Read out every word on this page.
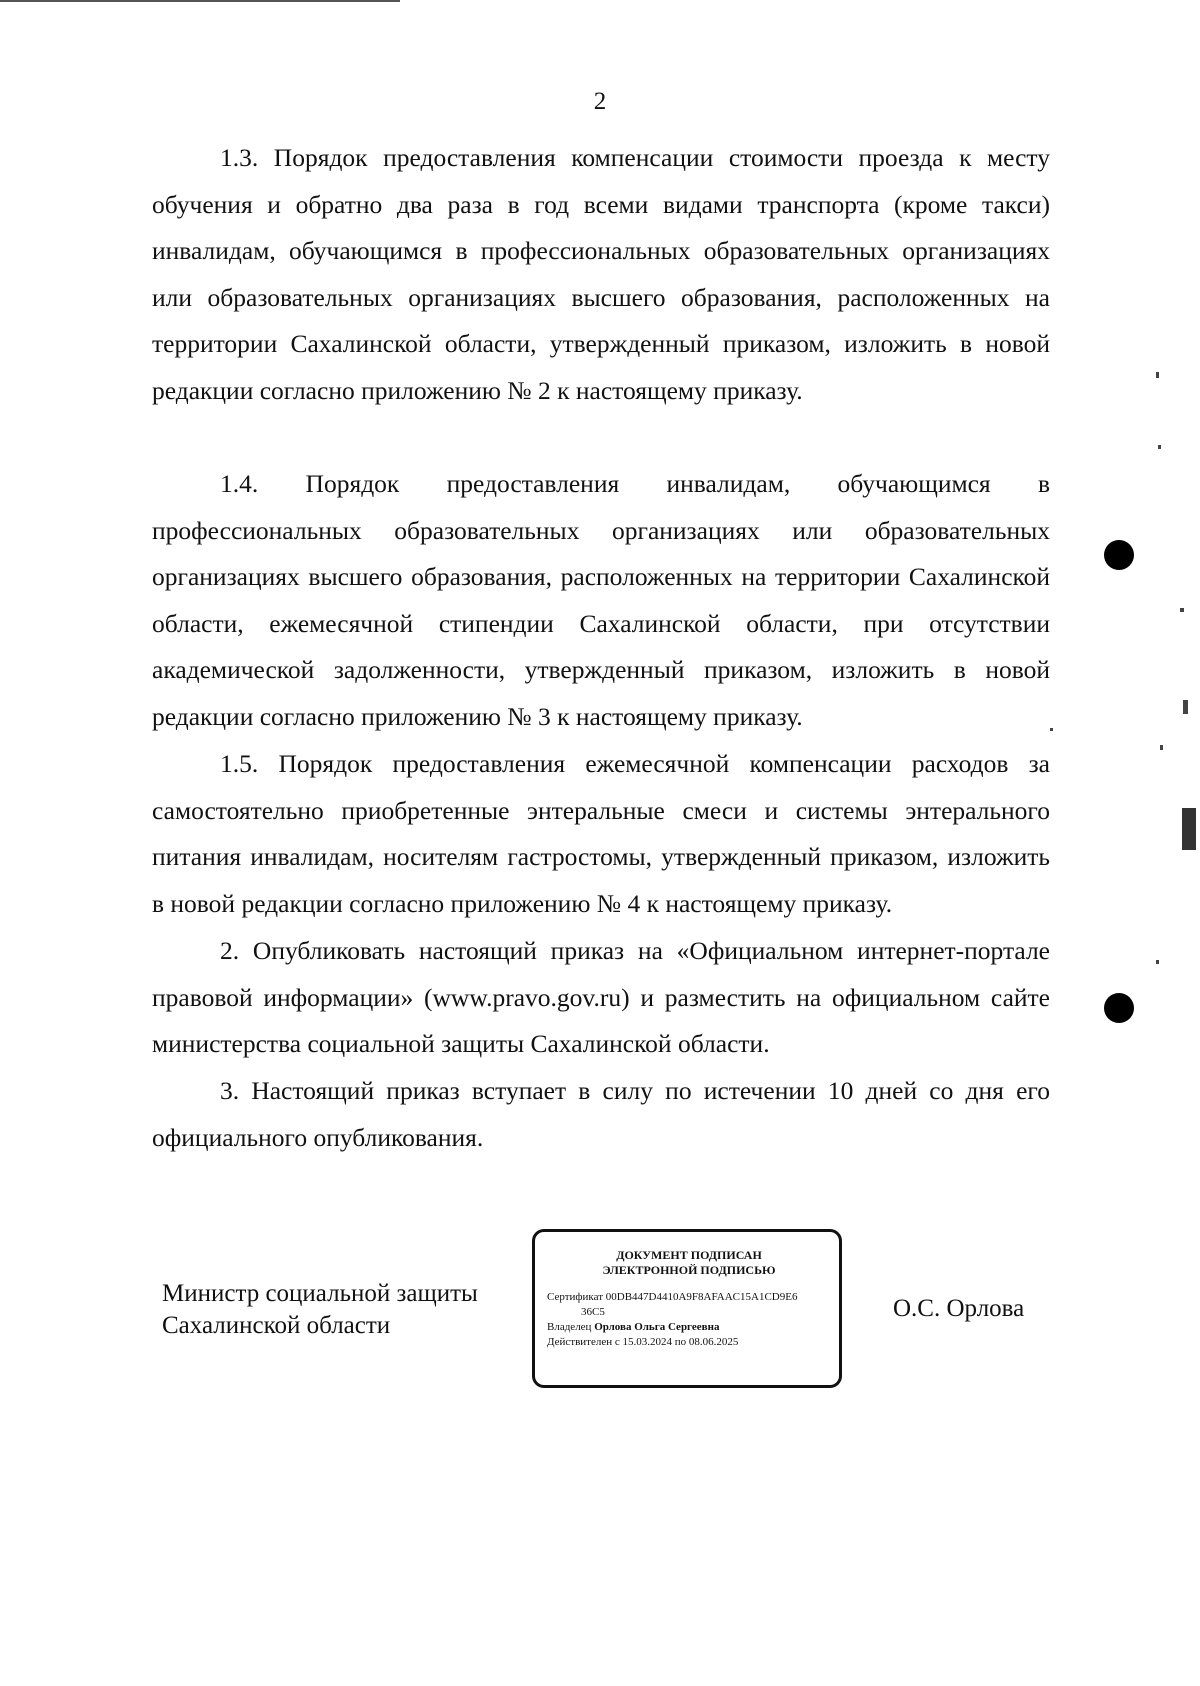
2

1.3. Порядок предоставления компенсации стоимости проезда к месту обучения и обратно два раза в год всеми видами транспорта (кроме такси) инвалидам, обучающимся в профессиональных образовательных организациях или образовательных организациях высшего образования, расположенных на территории Сахалинской области, утвержденный приказом, изложить в новой редакции согласно приложению № 2 к настоящему приказу.

1.4. Порядок предоставления инвалидам, обучающимся в профессиональных образовательных организациях или образовательных организациях высшего образования, расположенных на территории Сахалинской области, ежемесячной стипендии Сахалинской области, при отсутствии академической задолженности, утвержденный приказом, изложить в новой редакции согласно приложению № 3 к настоящему приказу.

1.5. Порядок предоставления ежемесячной компенсации расходов за самостоятельно приобретенные энтеральные смеси и системы энтерального питания инвалидам, носителям гастростомы, утвержденный приказом, изложить в новой редакции согласно приложению № 4 к настоящему приказу.

2. Опубликовать настоящий приказ на «Официальном интернет-портале правовой информации» (www.pravo.gov.ru) и разместить на официальном сайте министерства социальной защиты Сахалинской области.

3. Настоящий приказ вступает в силу по истечении 10 дней со дня его официального опубликования.

Министр социальной защиты
Сахалинской области
ДОКУМЕНТ ПОДПИСАН
ЭЛЕКТРОННОЙ ПОДПИСЬЮ

Сертификат 00DB447D4410A9F8AFAAC15A1CD9E6

36C5

Владелец Орлова Ольга Сергеевна

Действителен с 15.03.2024 по 08.06.2025

О.С. Орлова
